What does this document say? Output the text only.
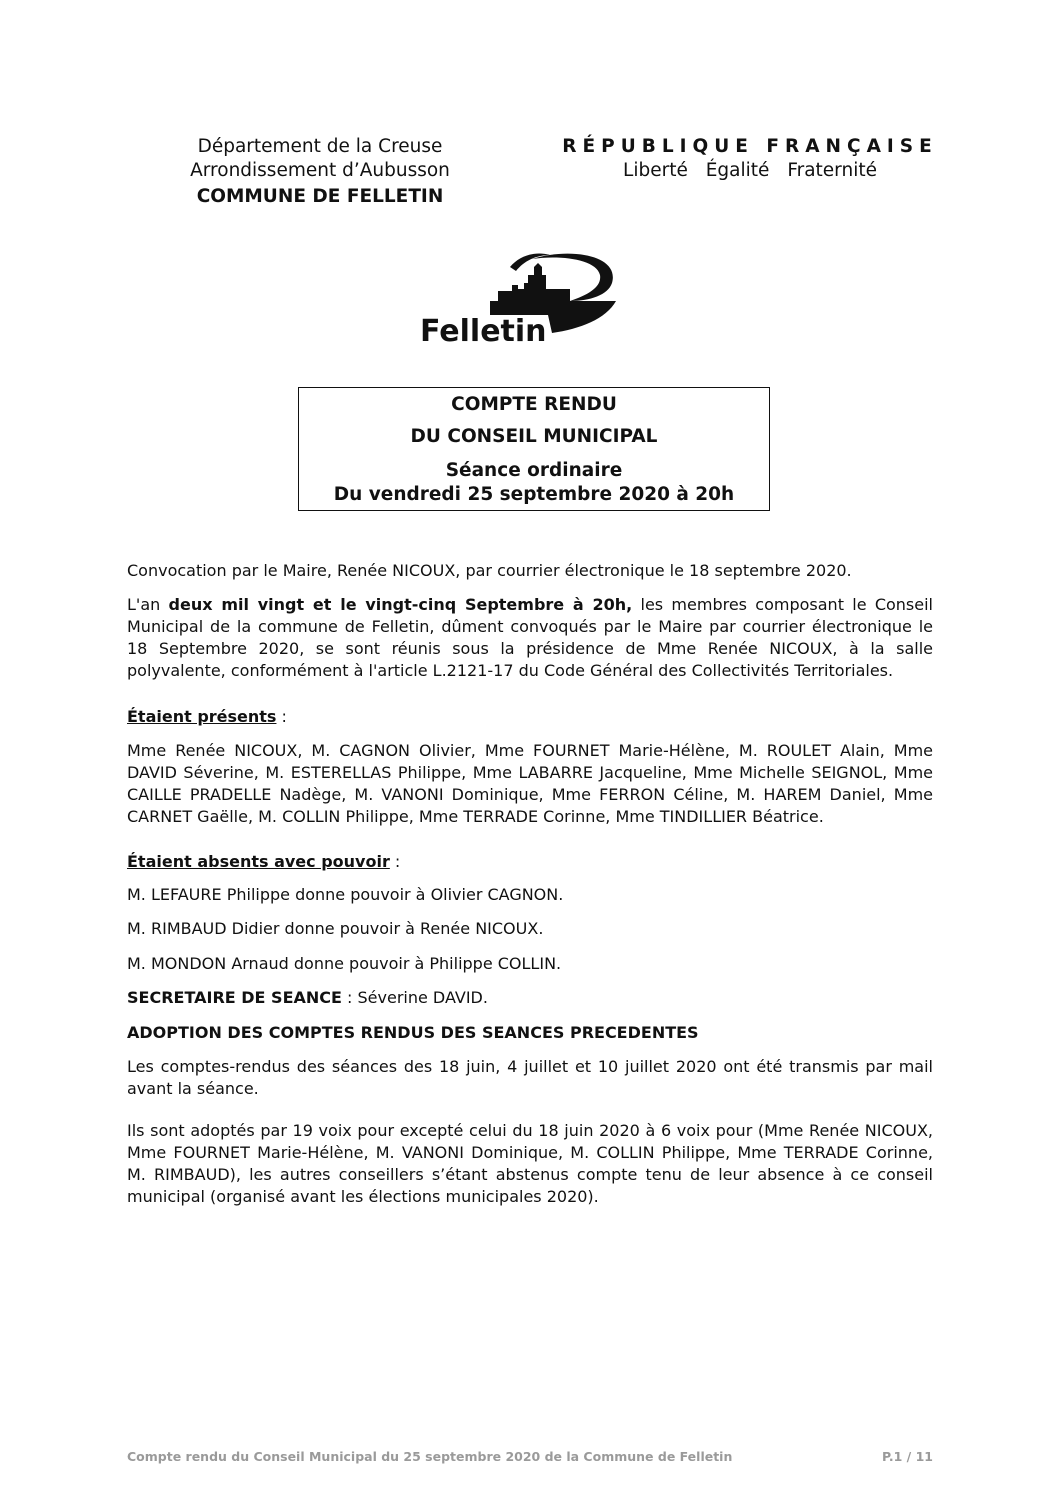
Département de la Creuse
Arrondissement d’Aubusson
COMMUNE DE FELLETIN
RÉPUBLIQUE FRANÇAISE
Liberté Égalité Fraternité
Felletin
COMPTE RENDU
DU CONSEIL MUNICIPAL
Séance ordinaire
Du vendredi 25 septembre 2020 à 20h
Convocation par le Maire, Renée NICOUX, par courrier électronique le 18 septembre 2020.
L'an deux mil vingt et le vingt-cinq Septembre à 20h, les membres composant le Conseil Municipal de la commune de Felletin, dûment convoqués par le Maire par courrier électronique le 18 Septembre 2020, se sont réunis sous la présidence de Mme Renée NICOUX, à la salle polyvalente, conformément à l'article L.2121-17 du Code Général des Collectivités Territoriales.
Étaient présents :
Mme Renée NICOUX, M. CAGNON Olivier, Mme FOURNET Marie-Hélène, M. ROULET Alain, Mme DAVID Séverine, M. ESTERELLAS Philippe, Mme LABARRE Jacqueline, Mme Michelle SEIGNOL, Mme CAILLE PRADELLE Nadège, M. VANONI Dominique, Mme FERRON Céline, M. HAREM Daniel, Mme CARNET Gaëlle, M. COLLIN Philippe, Mme TERRADE Corinne, Mme TINDILLIER Béatrice.
Étaient absents avec pouvoir :
M. LEFAURE Philippe donne pouvoir à Olivier CAGNON.
M. RIMBAUD Didier donne pouvoir à Renée NICOUX.
M. MONDON Arnaud donne pouvoir à Philippe COLLIN.
SECRETAIRE DE SEANCE : Séverine DAVID.
ADOPTION DES COMPTES RENDUS DES SEANCES PRECEDENTES
Les comptes-rendus des séances des 18 juin, 4 juillet et 10 juillet 2020 ont été transmis par mail avant la séance.
Ils sont adoptés par 19 voix pour excepté celui du 18 juin 2020 à 6 voix pour (Mme Renée NICOUX, Mme FOURNET Marie-Hélène, M. VANONI Dominique, M. COLLIN Philippe, Mme TERRADE Corinne, M. RIMBAUD), les autres conseillers s’étant abstenus compte tenu de leur absence à ce conseil municipal (organisé avant les élections municipales 2020).
Compte rendu du Conseil Municipal du 25 septembre 2020 de la Commune de Felletin	P.1 / 11
